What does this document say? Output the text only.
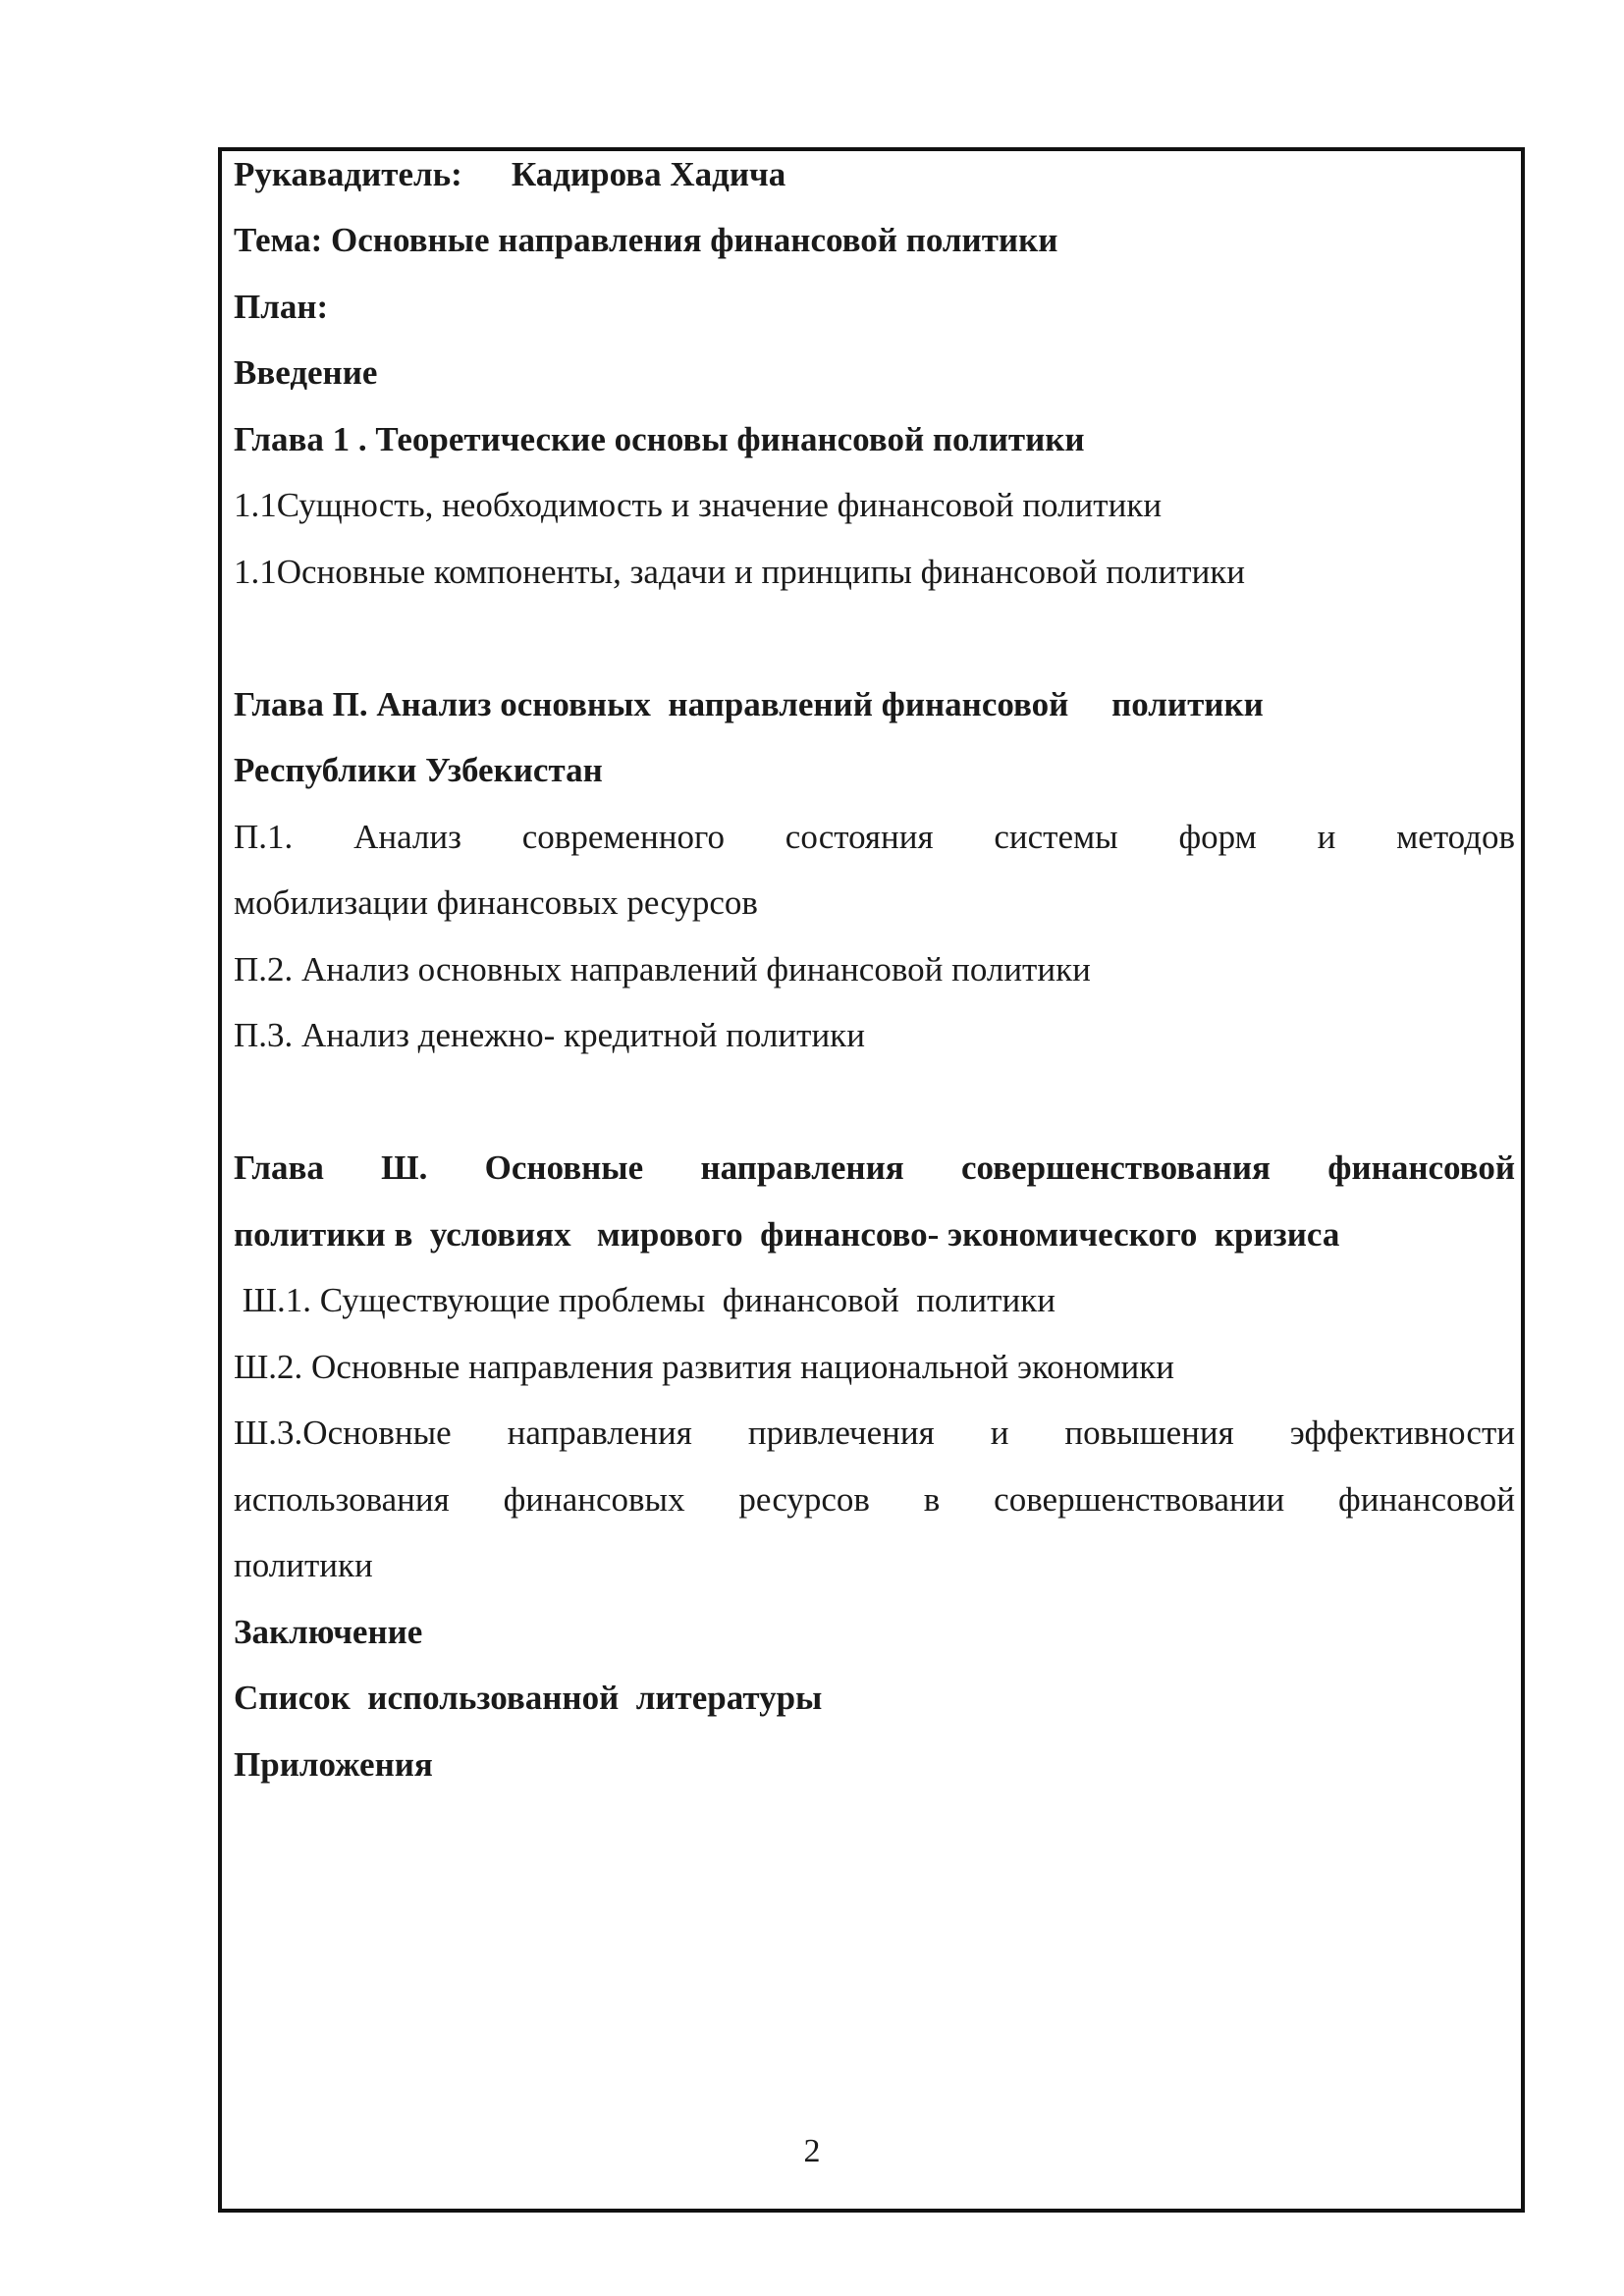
Рукавадитель: Кадирова Хадича
Тема: Основные направления финансовой политики
План:
Введение
Глава 1 . Теоретические основы финансовой политики
1.1Сущность, необходимость и значение финансовой политики
1.1Основные компоненты, задачи и принципы финансовой политики
Глава П. Анализ основных  направлений финансовой     политики
Республики Узбекистан
П.1. Анализ современного состояния системы форм и методов
мобилизации финансовых ресурсов
П.2. Анализ основных направлений финансовой политики
П.3. Анализ денежно- кредитной политики
Глава Ш. Основные направления совершенствования финансовой
политики в  условиях   мирового  финансово- экономического  кризиса
Ш.1. Существующие проблемы  финансовой  политики
Ш.2. Основные направления развития национальной экономики
Ш.3.Основные направления привлечения и повышения эффективности
использования финансовых ресурсов в совершенствовании финансовой
политики
Заключение
Список  использованной  литературы
Приложения
2
